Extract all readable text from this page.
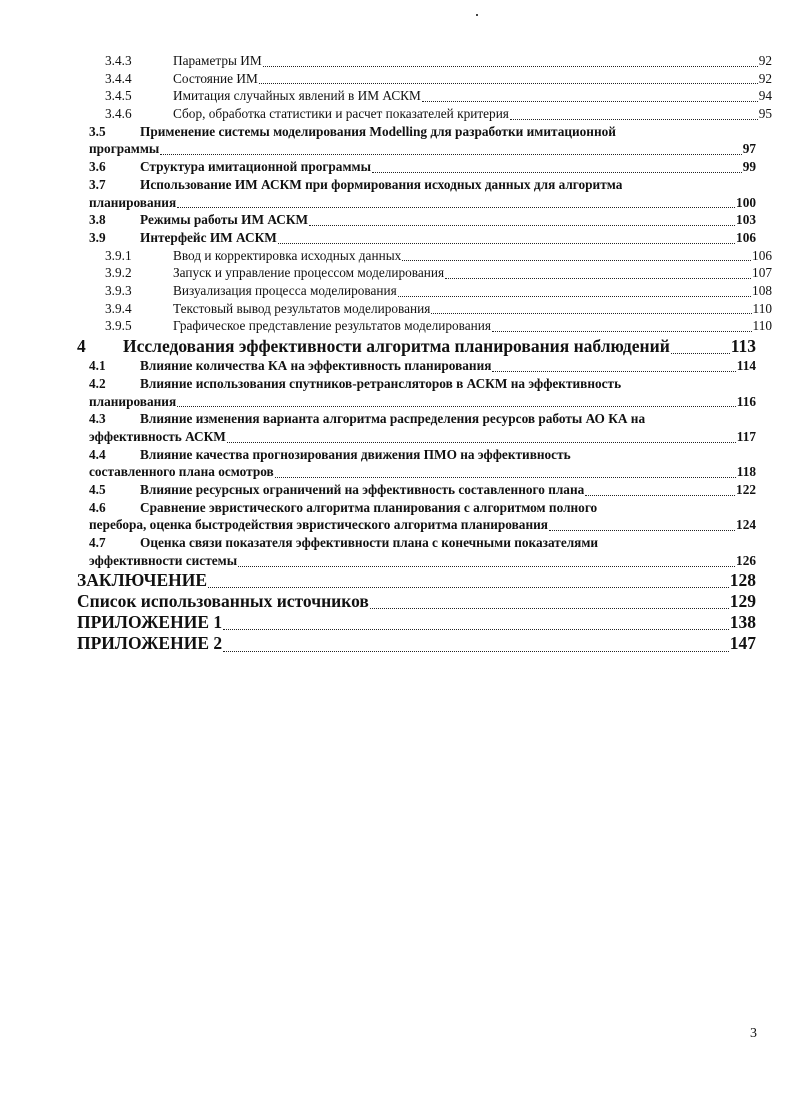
3.4.3	Параметры ИМ	92
3.4.4	Состояние ИМ	92
3.4.5	Имитация случайных явлений в ИМ АСКМ	94
3.4.6	Сбор, обработка статистики и расчет показателей критерия	95
3.5	Применение системы моделирования Modelling для разработки имитационной
программы	97
3.6	Структура имитационной программы	99
3.7	Использование ИМ АСКМ при формирования исходных данных для алгоритма
планирования	100
3.8	Режимы работы ИМ АСКМ	103
3.9	Интерфейс ИМ АСКМ	106
3.9.1	Ввод и корректировка исходных данных	106
3.9.2	Запуск и управление процессом моделирования	107
3.9.3	Визуализация процесса моделирования	108
3.9.4	Текстовый вывод результатов моделирования	110
3.9.5	Графическое представление результатов моделирования	110
4	Исследования эффективности алгоритма планирования наблюдений	113
4.1	Влияние количества КА на эффективность планирования	114
4.2	Влияние использования спутников-ретрансляторов в АСКМ на эффективность
планирования	116
4.3	Влияние изменения варианта алгоритма распределения ресурсов работы АО КА на
эффективность АСКМ	117
4.4	Влияние качества прогнозирования движения ПМО на эффективность
составленного плана осмотров	118
4.5	Влияние ресурсных ограничений на эффективность составленного плана	122
4.6	Сравнение эвристического алгоритма планирования с алгоритмом полного
перебора, оценка быстродействия эвристического алгоритма планирования	124
4.7	Оценка связи показателя эффективности плана с конечными показателями
эффективности системы	126
ЗАКЛЮЧЕНИЕ	128
Список использованных источников	129
ПРИЛОЖЕНИЕ 1	138
ПРИЛОЖЕНИЕ 2	147
3
